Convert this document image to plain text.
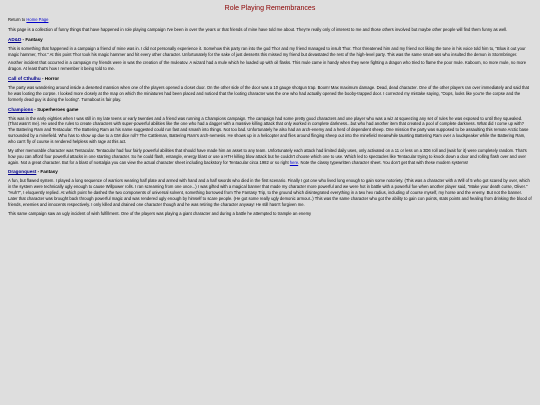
Role Playing Remembrances

Return to Home Page

This page is a collection of funny things that have happened in role playing campaign I've been in over the years or that friends of mine have told me about. They're really only of interest to me and those others involved but maybe other people will find them funny as well.

AD&D - Fantasy

This is something that happened in a campaign a friend of mine was in. I did not personally experience it. Somehow this party ran into the god Thor and my friend managed to insult Thor. Thor threatened him and my friend not liking the tone in his voice told him to, "Blow it out your magic hammer, Thor." At this point Thor took his magic hammer and hit every other character. Unfortunately for the sake of just desserts this missed my friend but devastated the rest of the high-level party. This was the same smart-ass who insulted the demon in Stormbringer.

Another incident that occurred in a campaign my friends were in was the creation of the muleatov. A wizard had a mule which he loaded up with oil flasks. This mule came in handy when they were fighting a dragon who tried to flame the poor mule. Kaboom, no more mule, no more dragon. At least that's how I remember it being told to me.

Call of Cthulhu - Horror

The party was wandering around inside a deserted mansion when one of the players opened a closet door. On the other side of the door was a 10 gauge shotgun trap. Boom! Max maximum damage. Dead, dead character. One of the other players ran over immediately and said that he was looting the corpse. I looked more closely at the map on which the miniatures had been placed and noticed that the looting character was the one who had actually opened the booby-trapped door. I corrected my mistake saying, "Oops, looks like you're the corpse and the formerly dead guy is doing the looting". Turnabout is fair play.

Champions - Superheroes game

This was in the early eighties when I was still in my late teens or early twenties and a friend was running a Champions campaign. The campaign had some pretty good characters and one player who was a wiz at squeezing any set of rules he was exposed to until they squeaked. (That wasn't me). He used the rules to create characters with super-powerful abilities like the one who had a dagger with a massive killing attack that only worked in complete darkness...but who had another item that created a pool of complete darkness. What did I come up with? The Battering Ram and Tentacular. The Battering Ram as his name suggested could run fast and smash into things. Not too bad. Unfortunately he also had an arch-enemy and a herd of dependent sheep. One mission the party was supposed to be assaulting this remote Arctic base surrounded by a minefield. Who has to show up due to a GM dice roll? The Cattleman, Battering Ram's arch-nemesis. He shows up in a helicopter and flies around flinging sheep out into the minefield meanwhile taunting Battering Ram over a loudspeaker while the Battering Ram, who can't fly of course is rendered helpless with rage at this act.

My other memorable character was Tentacular. Tentacular had four fairly powerful abilities that should have made him an asset to any team. Unfortunately each attack had limited daily uses, only activated on a 11 or less on a 3D6 roll and (wait for it) were completely random. That's how you can afford four powerful attacks in one starting character. So he could flash, entangle, energy blast or use a HTH killing blow attack but he couldn't choose which one to use. Which led to spectacles like Tentacular trying to knock down a door and rolling flash over and over again. Not a great character. But for a blast of nostalgia you can view the actual character sheet including backstory for Tentacular circa 1982 or so right here. Note the classy typewritten character sheet. You don't get that with these modern systems!

Dragonquest - Fantasy

A fun, but flawed system. I played a long sequence of warriors wearing half plate and armed with hand and a half swords who died in the first scenario. Finally I got one who lived long enough to gain some notoriety. (This was a character with a Will of 5 who got scared by over, which in the system were technically ugly enough to cause Willpower rolls. I ran screaming from one once...) I was gifted with a magical banner that made my character more powerful and we were hot in battle with a powerful foe when another player said, "Make your death curse, Oliver." "Huh?", I eloquently replied. At which point he dashed the two components of universal solvent, something borrowed from The Fantasy Trip, to the ground which disintegrated everything in a two hex radius, including of course myself, my horse and the enemy. But not the banner. Later that character was brought back through powerful magic and was rendered ugly enough by himself to scare people. (He got some really ugly demonic armour..) This was the same character who got the ability to gain con points, stats points and healing from drinking the blood of friends, enemies and innocents respectively. I only killed and drained one character though and he was retiring the character anyway! He still hasn't forgiven me.

This same campaign saw an ugly incident of wish fulfillment. One of the players was playing a giant character and during a battle he attempted to trample an enemy
